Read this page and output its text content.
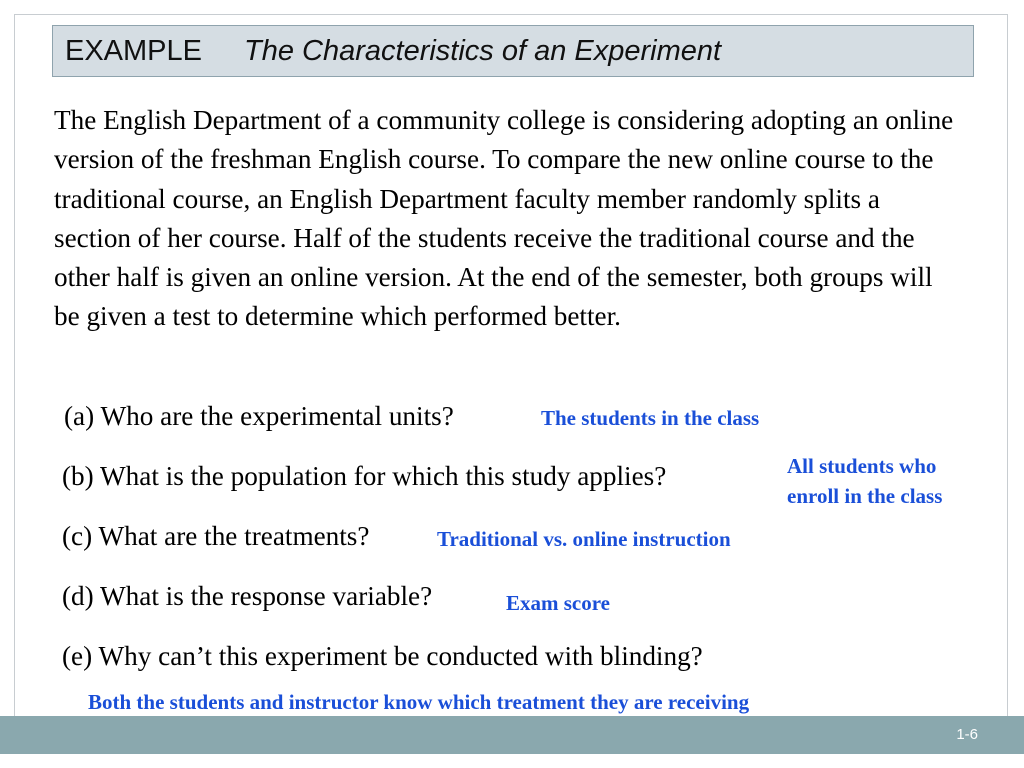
EXAMPLE The Characteristics of an Experiment
The English Department of a community college is considering adopting an online version of the freshman English course. To compare the new online course to the traditional course, an English Department faculty member randomly splits a section of her course. Half of the students receive the traditional course and the other half is given an online version. At the end of the semester, both groups will be given a test to determine which performed better.
(a) Who are the experimental units?	The students in the class
(b) What is the population for which this study applies?	All students who
enroll in the class
(c) What are the treatments?	Traditional vs. online instruction
(d) What is the response variable?	Exam score
(e) Why can’t this experiment be conducted with blinding?
Both the students and instructor know which treatment they are receiving
1-6
